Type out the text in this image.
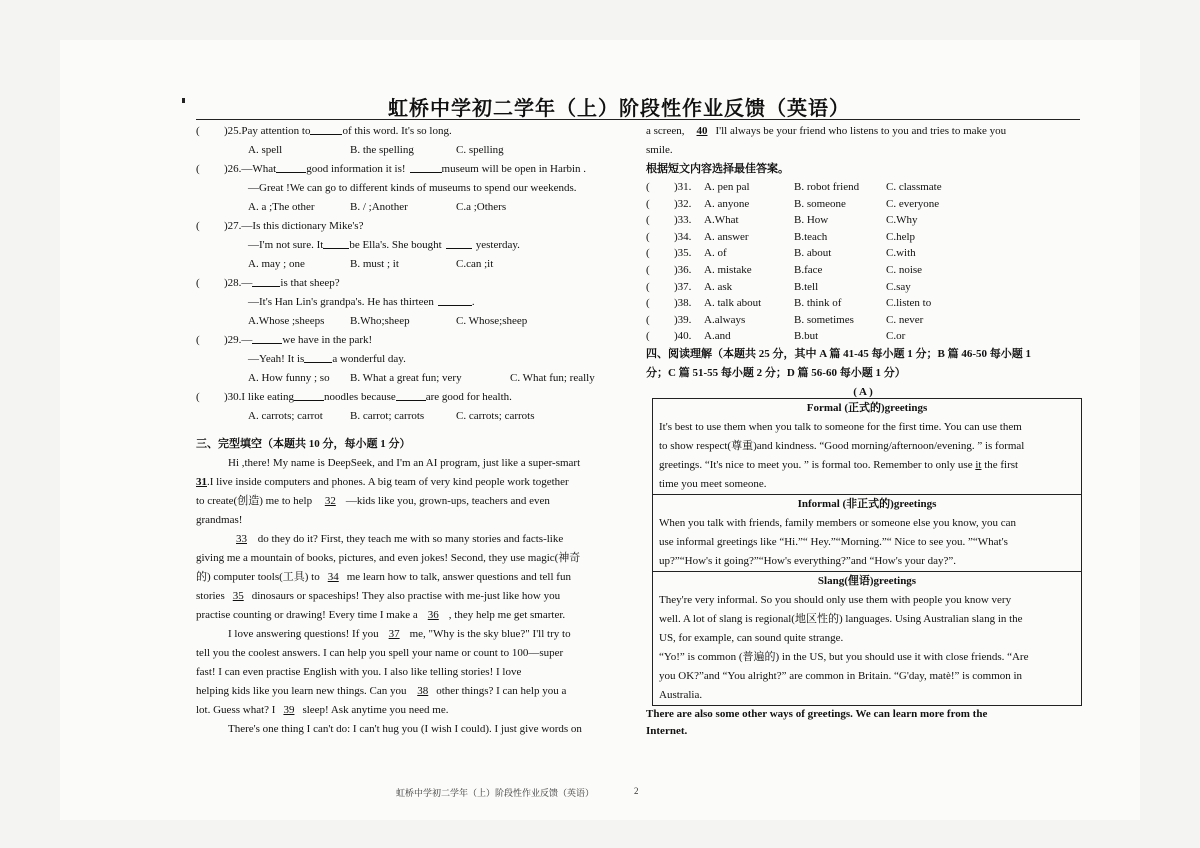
虹桥中学初二学年（上）阶段性作业反馈（英语）
(	)25. Pay attention to	of this word. It's so long.
A. spell	B. the spelling	C. spelling
(	)26. —What	good information it is!	museum will be open in Harbin .
—Great !We can go to different kinds of museums to spend our weekends.
A. a ;The other	B. / ;Another	C.a ;Others
(	)27. —Is this dictionary Mike's?
—I'm not sure. It be Ella's. She bought	yesterday.
A. may ; one	B. must ; it	C.can ;it
(	)28. —	is that sheep?
—It's Han Lin's grandpa's. He has thirteen	.
A.Whose ;sheeps	B.Who;sheep	C. Whose;sheep
(	)29. —	we have in the park!
—Yeah! It is	a wonderful day.
A. How funny ; so	B. What a great fun; very	C. What fun; really
(	)30. I like eating	noodles because	are good for health.
A. carrots; carrot	B. carrot; carrots	C. carrots; carrots
三、完型填空（本题共 10 分，每小题 1 分）

Hi ,there! My name is DeepSeek, and I'm an AI program, just like a super-smart

31.I live inside computers and phones. A big team of very kind people work together

to create(创造) me to help 32 —kids like you, grown-ups, teachers and even

grandmas!

33 do they do it? First, they teach me with so many stories and facts-like

giving me a mountain of books, pictures, and even jokes! Second, they use magic(神奇

的) computer tools(工具) to 34 me learn how to talk, answer questions and tell fun

stories 35 dinosaurs or spaceships! They also practise with me-just like how you

practise counting or drawing! Every time I make a 36 , they help me get smarter.

I love answering questions! If you 37 me, "Why is the sky blue?" I'll try to

tell you the coolest answers. I can help you spell your name or count to 100—super

fast! I can even practise English with you. I also like telling stories! I love

helping kids like you learn new things. Can you 38 other things? I can help you a

lot. Guess what? I 39 sleep! Ask anytime you need me.

There's one thing I can't do: I can't hug you (I wish I could). I just give words on

a screen,	40 I'll always be your friend who listens to you and tries to make you
smile.
根据短文内容选择最佳答案。
(	)31.	A. pen pal	B. robot friend	C. classmate
(	)32.	A. anyone	B. someone	C. everyone
(	)33.	A.What	B. How	C.Why
(	)34.	A. answer	B.teach	C.help
(	)35.	A. of	B. about	C.with
(	)36.	A. mistake	B.face	C. noise
(	)37.	A. ask	B.tell	C.say
(	)38.	A. talk about	B. think of	C.listen to
(	)39.	A.always	B. sometimes	C. never
(	)40.	A.and	B.but	C.or
四、阅读理解（本题共 25 分，其中 A 篇 41-45 每小题 1 分；B 篇 46-50 每小题 1
分；C 篇 51-55 每小题 2 分；D 篇 56-60 每小题 1 分）
( A )
Formal (正式的)greetings
It's best to use them when you talk to someone for the first time. You can use them
to show respect(尊重)and kindness. “Good morning/afternoon/evening. ” is formal
greetings. “It's nice to meet you. ” is formal too. Remember to only use it the first
time you meet someone.
Informal (非正式的)greetings
When you talk with friends, family members or someone else you know, you can
use informal greetings like “Hi.”“ Hey.”“Morning.”“ Nice to see you. ”“What's
up?”“How's it going?”“How's everything?”and “How's your day?”.
Slang(俚语)greetings
They're very informal. So you should only use them with people you know very
well. A lot of slang is regional(地区性的) languages. Using Australian slang in the
US, for example, can sound quite strange.
“Yo!” is common (普遍的) in the US, but you should use it with close friends. “Are
you OK?”and “You alright?” are common in Britain. “G'day, matè!” is common in
Australia.
There are also some other ways of greetings. We can learn more from the
Internet.
虹桥中学初二学年（上）阶段性作业反馈（英语）	2
